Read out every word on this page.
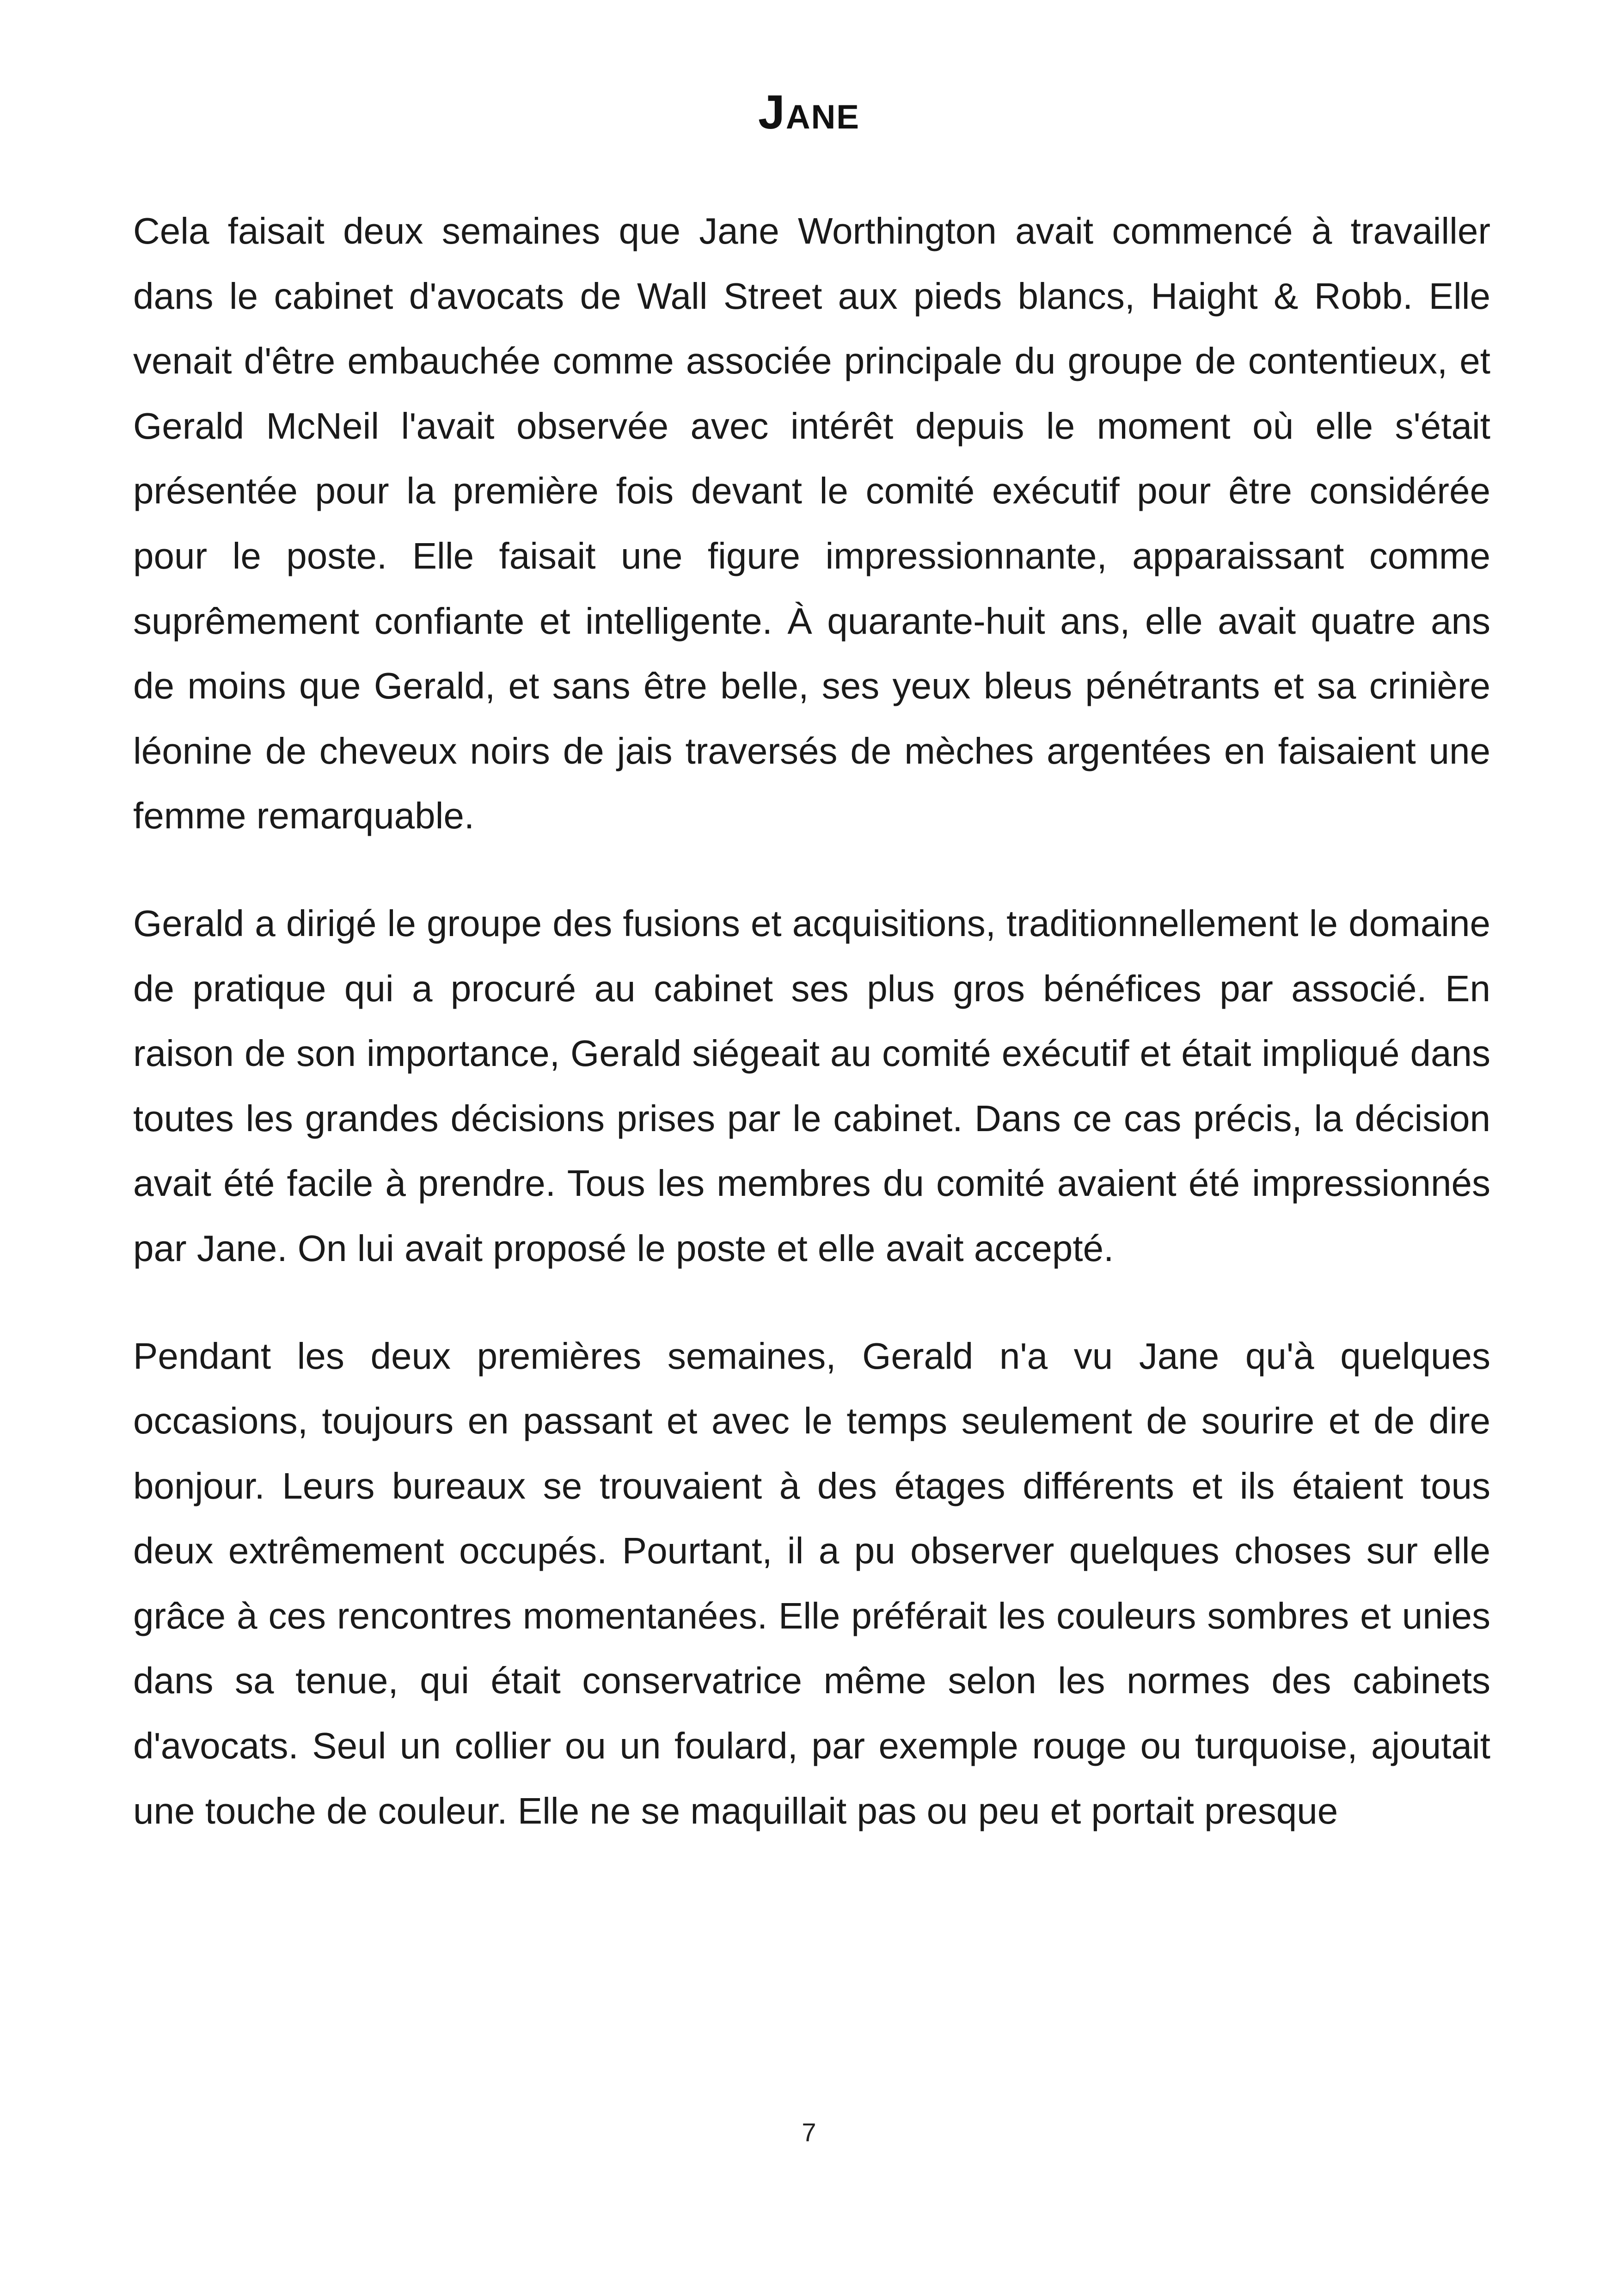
Jane

Cela faisait deux semaines que Jane Worthington avait commencé à travailler dans le cabinet d'avocats de Wall Street aux pieds blancs, Haight & Robb. Elle venait d'être embauchée comme associée principale du groupe de contentieux, et Gerald McNeil l'avait observée avec intérêt depuis le moment où elle s'était présentée pour la première fois devant le comité exécutif pour être considérée pour le poste. Elle faisait une figure impressionnante, apparaissant comme suprêmement confiante et intelligente. À quarante-huit ans, elle avait quatre ans de moins que Gerald, et sans être belle, ses yeux bleus pénétrants et sa crinière léonine de cheveux noirs de jais traversés de mèches argentées en faisaient une femme remarquable.

Gerald a dirigé le groupe des fusions et acquisitions, traditionnellement le domaine de pratique qui a procuré au cabinet ses plus gros bénéfices par associé. En raison de son importance, Gerald siégeait au comité exécutif et était impliqué dans toutes les grandes décisions prises par le cabinet. Dans ce cas précis, la décision avait été facile à prendre. Tous les membres du comité avaient été impressionnés par Jane. On lui avait proposé le poste et elle avait accepté.

Pendant les deux premières semaines, Gerald n'a vu Jane qu'à quelques occasions, toujours en passant et avec le temps seulement de sourire et de dire bonjour. Leurs bureaux se trouvaient à des étages différents et ils étaient tous deux extrêmement occupés. Pourtant, il a pu observer quelques choses sur elle grâce à ces rencontres momentanées. Elle préférait les couleurs sombres et unies dans sa tenue, qui était conservatrice même selon les normes des cabinets d'avocats. Seul un collier ou un foulard, par exemple rouge ou turquoise, ajoutait une touche de couleur. Elle ne se maquillait pas ou peu et portait presque

7
